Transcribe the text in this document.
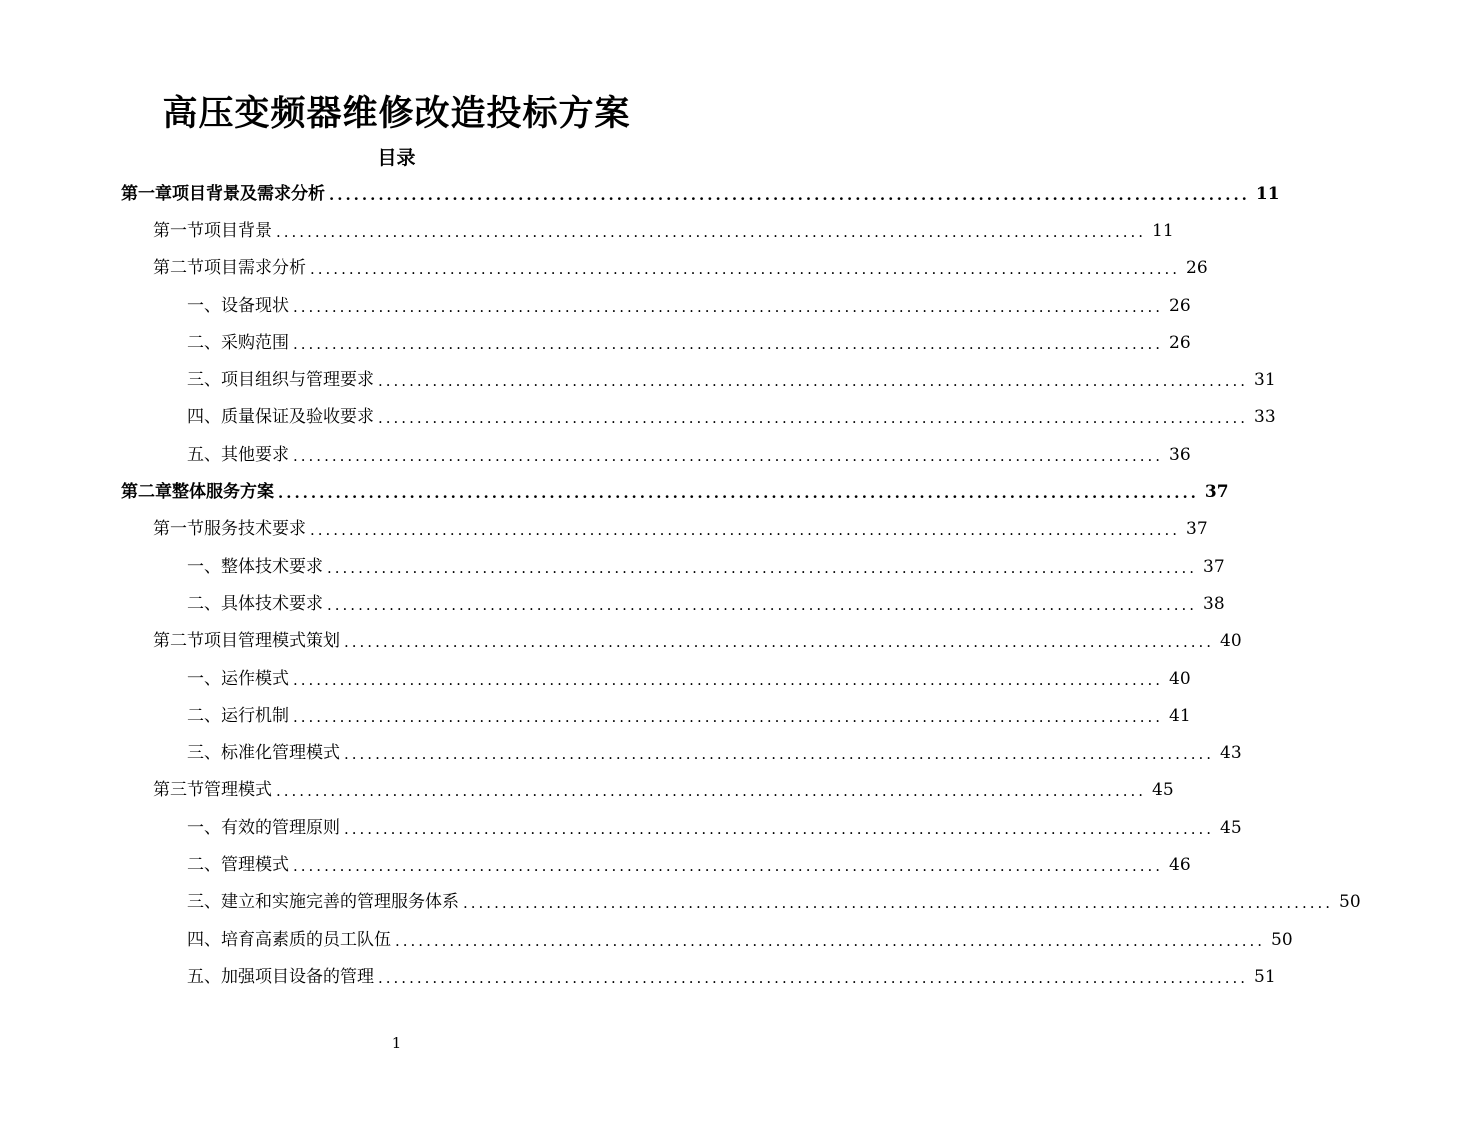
高压变频器维修改造投标方案
目录
第一章 项目背景及需求分析 ................................................................................................................ 11
第一节 项目背景 ................................................................................................................ 11
第二节 项目需求分析 ................................................................................................................ 26
一、 设备现状 ................................................................................................................ 26
二、 采购范围 ................................................................................................................ 26
三、 项目组织与管理要求 ................................................................................................................ 31
四、 质量保证及验收要求 ................................................................................................................ 33
五、 其他要求 ................................................................................................................ 36
第二章 整体服务方案 ................................................................................................................ 37
第一节 服务技术要求 ................................................................................................................ 37
一、 整体技术要求 ................................................................................................................ 37
二、 具体技术要求 ................................................................................................................ 38
第二节 项目管理模式策划 ................................................................................................................ 40
一、 运作模式 ................................................................................................................ 40
二、 运行机制 ................................................................................................................ 41
三、 标准化管理模式 ................................................................................................................ 43
第三节 管理模式 ................................................................................................................ 45
一、 有效的管理原则 ................................................................................................................ 45
二、 管理模式 ................................................................................................................ 46
三、 建立和实施完善的管理服务体系 ................................................................................................................ 50
四、 培育高素质的员工队伍 ................................................................................................................ 50
五、 加强项目设备的管理 ................................................................................................................ 51
1
